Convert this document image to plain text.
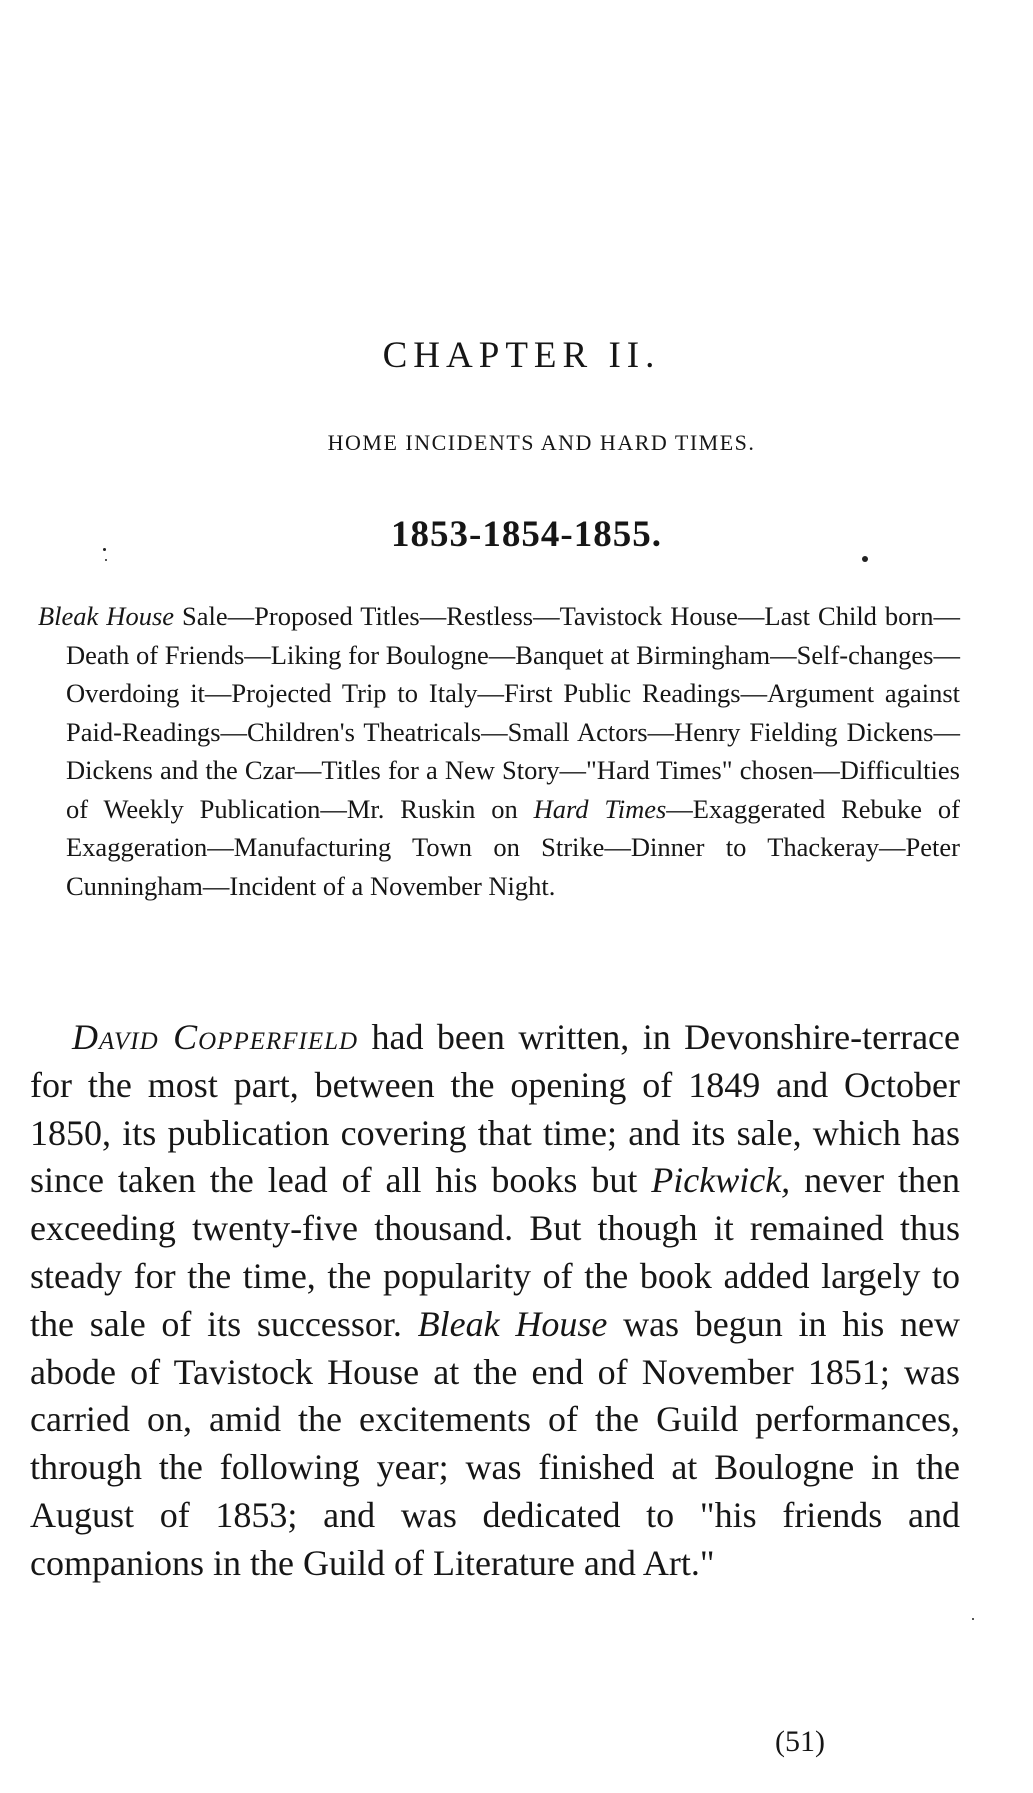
CHAPTER II.
HOME INCIDENTS AND HARD TIMES.
1853-1854-1855.

Bleak House Sale—Proposed Titles—Restless—Tavistock House—Last Child born—Death of Friends—Liking for Boulogne—Banquet at Birmingham—Self-changes—Overdoing it—Projected Trip to Italy—First Public Readings—Argument against Paid-Readings—Children's Theatricals—Small Actors—Henry Fielding Dickens—Dickens and the Czar—Titles for a New Story—"Hard Times" chosen—Difficulties of Weekly Publication—Mr. Ruskin on Hard Times—Exaggerated Rebuke of Exaggeration—Manufacturing Town on Strike—Dinner to Thackeray—Peter Cunningham—Incident of a November Night.

David Copperfield had been written, in Devonshire-terrace for the most part, between the opening of 1849 and October 1850, its publication covering that time; and its sale, which has since taken the lead of all his books but Pickwick, never then exceeding twenty-five thousand. But though it remained thus steady for the time, the popularity of the book added largely to the sale of its successor. Bleak House was begun in his new abode of Tavistock House at the end of November 1851; was carried on, amid the excitements of the Guild performances, through the following year; was finished at Boulogne in the August of 1853; and was dedicated to "his friends and companions in the Guild of Literature and Art."

(51)
